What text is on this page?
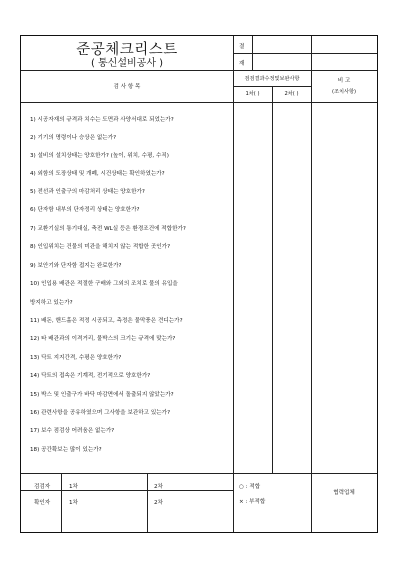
준공체크리스트
( 통신설비공사 )
결
재
검 사 항 목
검검결과수정및보완사항
1차( )	2차( )
비 고
(조치사항)
1) 시공자재의 규격과 치수는 도면과 사양서대로 되었는가?
2) 기기의 명령이나 승상은 없는가?
3) 설비의 설치상태는 양호한가? (높이, 위치, 수평, 수직)
4) 외함의 도장상태 및 개폐, 시건상태는 확인하였는가?
5) 전선과 인출구의 마감처리 상태는 양호한가?
6) 단자함 내부의 단자정리 상태는 양호한가?
7) 교환기실의 통기대실, 축전 WL실 등은 환경조건에 적합한가?
8) 인입위치는 건물의 미관을 해치지 않는 적합한 곳인가?
9) 보안기와 단자함 접지는 완료한가?
10) 인입용 배관은 적절한 구배와 그외의 조치로 물의 유입을
방지하고 있는가?
11) 배돈, 핸드홀은 적정 시공되고, 측정은 물막풍은 견디는가?
12) 타 배관과의 이격거리, 물박스의 크기는 규격에 맞는가?
13) 닥트 지지간격, 수평은 양호한가?
14) 닥트의 접속은 기계적, 전기적으로 양호한가?
15) 박스 및 인출구가 바닥 마감면에서 돌출되지 않았는가?
16) 관련사항을 공유하였으며 그사항을 보관하고 있는가?
17) 보수 점검상 어려움은 없는가?
18) 공간확보는 많이 있는가?
검검자
확인자
1차
1차
2차
2차
○ : 적합
× : 부적합
협력업체
